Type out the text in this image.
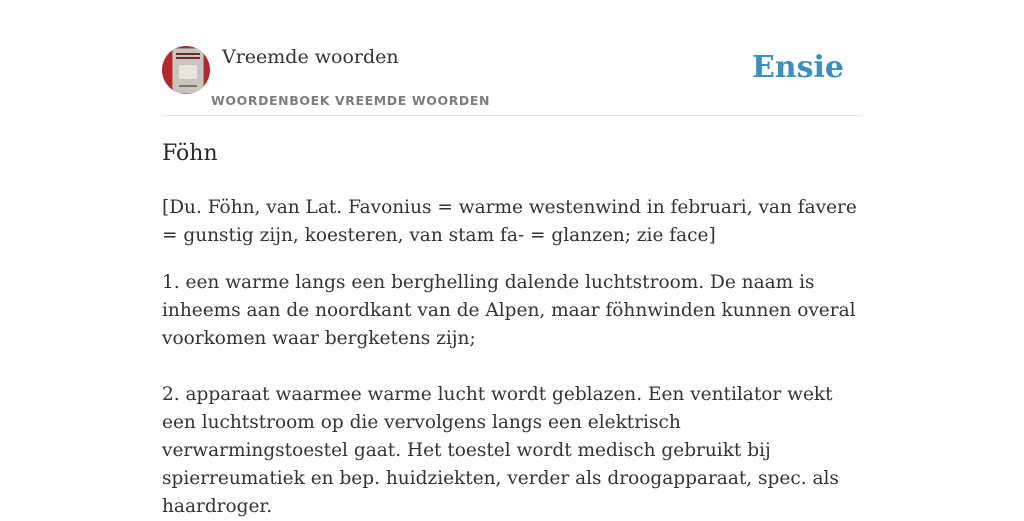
Vreemde woorden
WOORDENBOEK VREEMDE WOORDEN
Ensie
Föhn

[Du. Föhn, van Lat. Favonius = warme westenwind in februari, van favere = gunstig zijn, koesteren, van stam fa- = glanzen; zie face]

1. een warme langs een berghelling dalende luchtstroom. De naam is inheems aan de noordkant van de Alpen, maar föhnwinden kunnen overal voorkomen waar bergketens zijn;

2. apparaat waarmee warme lucht wordt geblazen. Een ventilator wekt een luchtstroom op die vervolgens langs een elektrisch verwarmingstoestel gaat. Het toestel wordt medisch gebruikt bij spierreumatiek en bep. huidziekten, verder als droogapparaat, spec. als haardroger.
